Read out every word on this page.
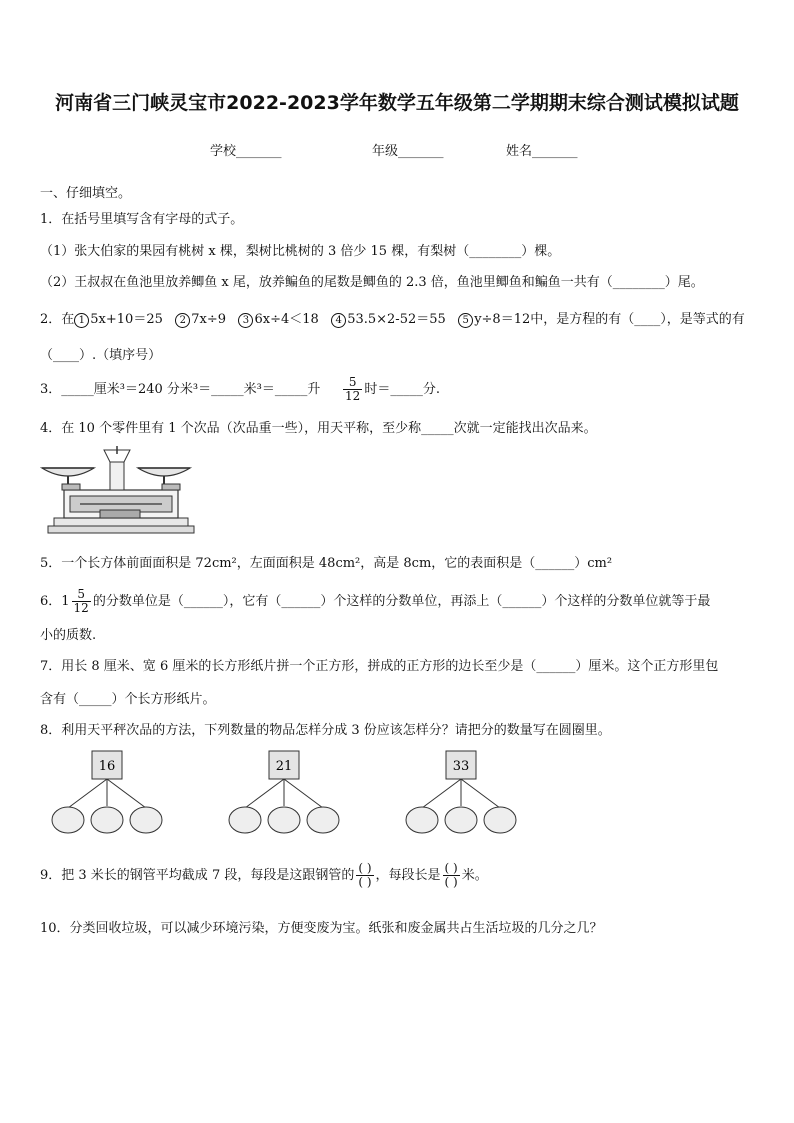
河南省三门峡灵宝市2022-2023学年数学五年级第二学期期末综合测试模拟试题
学校_______	年级_______	姓名_______
一、仔细填空。
1．在括号里填写含有字母的式子。
（1）张大伯家的果园有桃树 x 棵，梨树比桃树的 3 倍少 15 棵，有梨树（________）棵。
（2）王叔叔在鱼池里放养鲫鱼 x 尾，放养鳊鱼的尾数是鲫鱼的 2.3 倍，鱼池里鲫鱼和鳊鱼一共有（________）尾。
2．在 1 5x+10＝25 2 7x÷9 3 6x÷4＜18 4 53.5×2-52＝55 5 y÷8＝12中，是方程的有（____），是等式的有
（____）.（填序号）
3．_____厘米³＝240 分米³＝_____米³＝_____升 $\frac{5}{12}$ 时＝_____分.
4．在 10 个零件里有 1 个次品（次品重一些），用天平称，至少称_____次就一定能找出次品来。
5．一个长方体前面面积是 72cm²，左面面积是 48cm²，高是 8cm，它的表面积是（______）cm²
6．$1 \frac{5}{12}$ 的分数单位是（______），它有（______）个这样的分数单位，再添上（______）个这样的分数单位就等于最
小的质数.
7．用长 8 厘米、宽 6 厘米的长方形纸片拼一个正方形，拼成的正方形的边长至少是（______）厘米。这个正方形里包
含有（_____）个长方形纸片。
8．利用天平秤次品的方法，下列数量的物品怎样分成 3 份应该怎样分？请把分的数量写在圆圈里。
16	21	33
9．把 3 米长的钢管平均截成 7 段，每段是这跟钢管的 $\frac{( )}{( )}$ ，每段长是 $\frac{( )}{( )}$ 米。
10．分类回收垃圾，可以减少环境污染，方便变废为宝。纸张和废金属共占生活垃圾的几分之几？
